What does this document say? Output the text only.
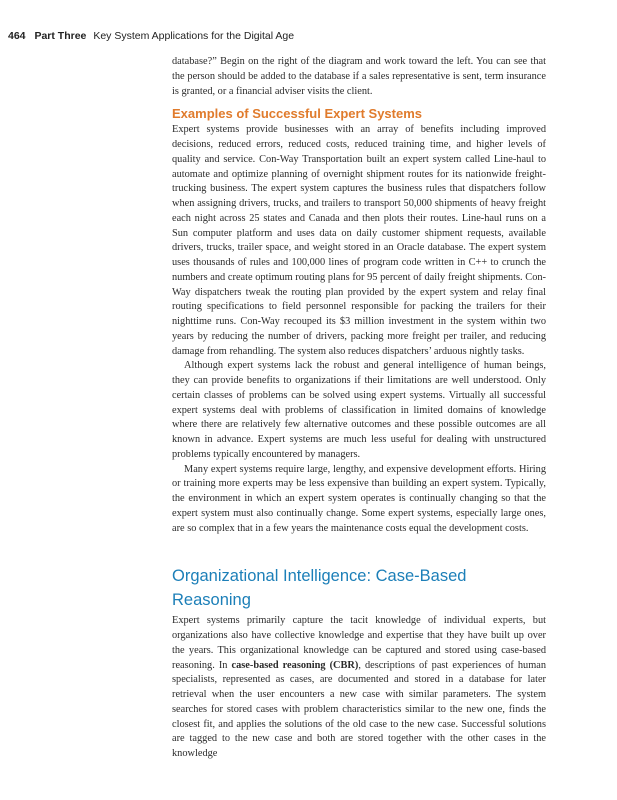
464 Part Three Key System Applications for the Digital Age

database?” Begin on the right of the diagram and work toward the left. You can see that the person should be added to the database if a sales representative is sent, term insurance is granted, or a financial adviser visits the client.

Examples of Successful Expert Systems

Expert systems provide businesses with an array of benefits including improved decisions, reduced errors, reduced costs, reduced training time, and higher levels of quality and service. Con-Way Transportation built an expert system called Line-haul to automate and optimize planning of overnight shipment routes for its nationwide freight-trucking business. The expert system captures the business rules that dispatchers follow when assigning drivers, trucks, and trailers to transport 50,000 shipments of heavy freight each night across 25 states and Canada and then plots their routes. Line-haul runs on a Sun computer platform and uses data on daily customer shipment requests, available drivers, trucks, trailer space, and weight stored in an Oracle database. The expert system uses thousands of rules and 100,000 lines of program code written in C++ to crunch the numbers and create optimum routing plans for 95 percent of daily freight shipments. Con-Way dispatchers tweak the routing plan provided by the expert system and relay final routing specifications to field personnel responsible for packing the trailers for their nighttime runs. Con-Way recouped its $3 million investment in the system within two years by reducing the number of drivers, packing more freight per trailer, and reducing damage from rehandling. The system also reduces dispatchers’ arduous nightly tasks.

Although expert systems lack the robust and general intelligence of human beings, they can provide benefits to organizations if their limitations are well understood. Only certain classes of problems can be solved using expert systems. Virtually all successful expert systems deal with problems of classification in limited domains of knowledge where there are relatively few alternative outcomes and these possible outcomes are all known in advance. Expert systems are much less useful for dealing with unstructured problems typically encountered by managers.

Many expert systems require large, lengthy, and expensive development efforts. Hiring or training more experts may be less expensive than building an expert system. Typically, the environment in which an expert system operates is continually changing so that the expert system must also continually change. Some expert systems, especially large ones, are so complex that in a few years the maintenance costs equal the development costs.

Organizational Intelligence: Case-Based Reasoning

Expert systems primarily capture the tacit knowledge of individual experts, but organizations also have collective knowledge and expertise that they have built up over the years. This organizational knowledge can be captured and stored using case-based reasoning. In case-based reasoning (CBR), descriptions of past experiences of human specialists, represented as cases, are documented and stored in a database for later retrieval when the user encounters a new case with similar parameters. The system searches for stored cases with problem characteristics similar to the new one, finds the closest fit, and applies the solutions of the old case to the new case. Successful solutions are tagged to the new case and both are stored together with the other cases in the knowledge
